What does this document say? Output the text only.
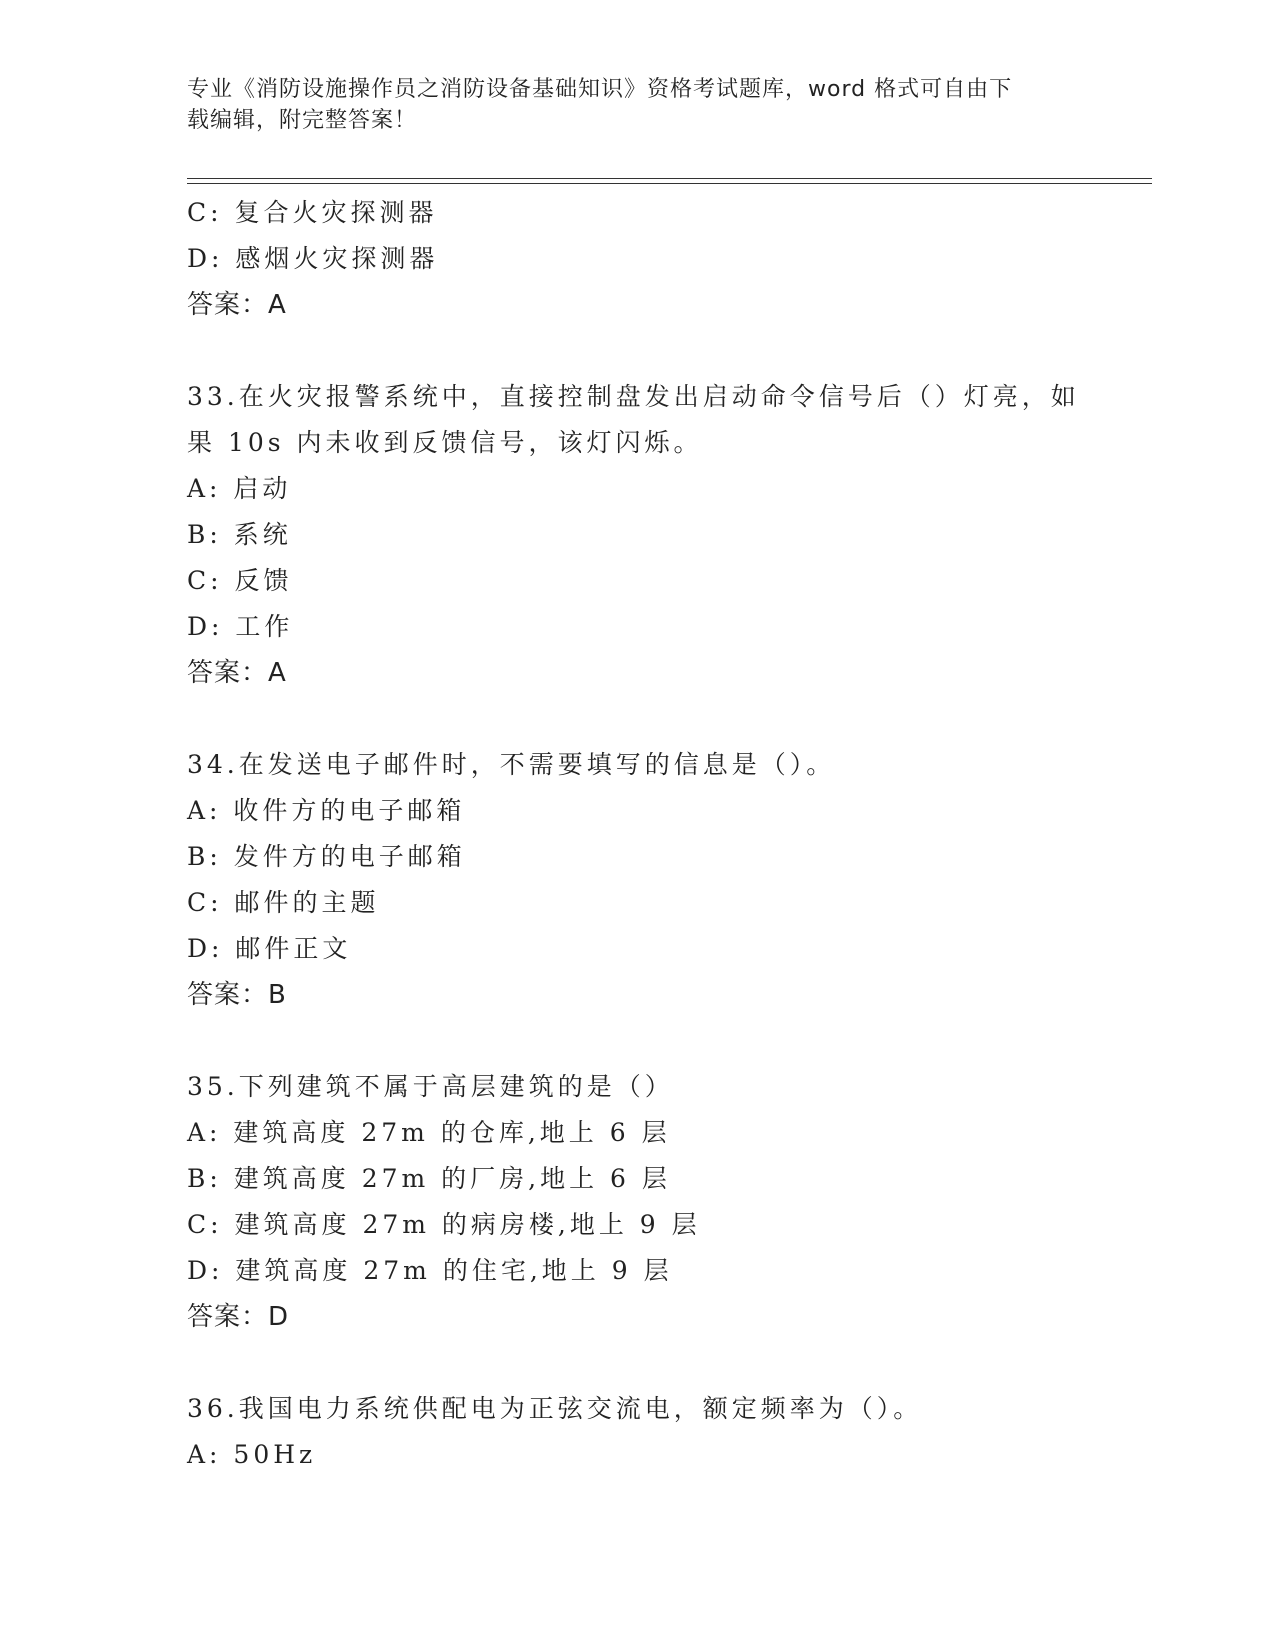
专业《消防设施操作员之消防设备基础知识》资格考试题库，word 格式可自由下
载编辑，附完整答案！
C: 复合火灾探测器
D: 感烟火灾探测器
答案：A
33.在火灾报警系统中，直接控制盘发出启动命令信号后（）灯亮，如
果 10s 内未收到反馈信号，该灯闪烁。
A: 启动
B: 系统
C: 反馈
D: 工作
答案：A
34.在发送电子邮件时，不需要填写的信息是（）。
A: 收件方的电子邮箱
B: 发件方的电子邮箱
C: 邮件的主题
D: 邮件正文
答案：B
35.下列建筑不属于高层建筑的是（）
A: 建筑高度 27m 的仓库,地上 6 层
B: 建筑高度 27m 的厂房,地上 6 层
C: 建筑高度 27m 的病房楼,地上 9 层
D: 建筑高度 27m 的住宅,地上 9 层
答案：D
36.我国电力系统供配电为正弦交流电，额定频率为（）。
A: 50Hz
